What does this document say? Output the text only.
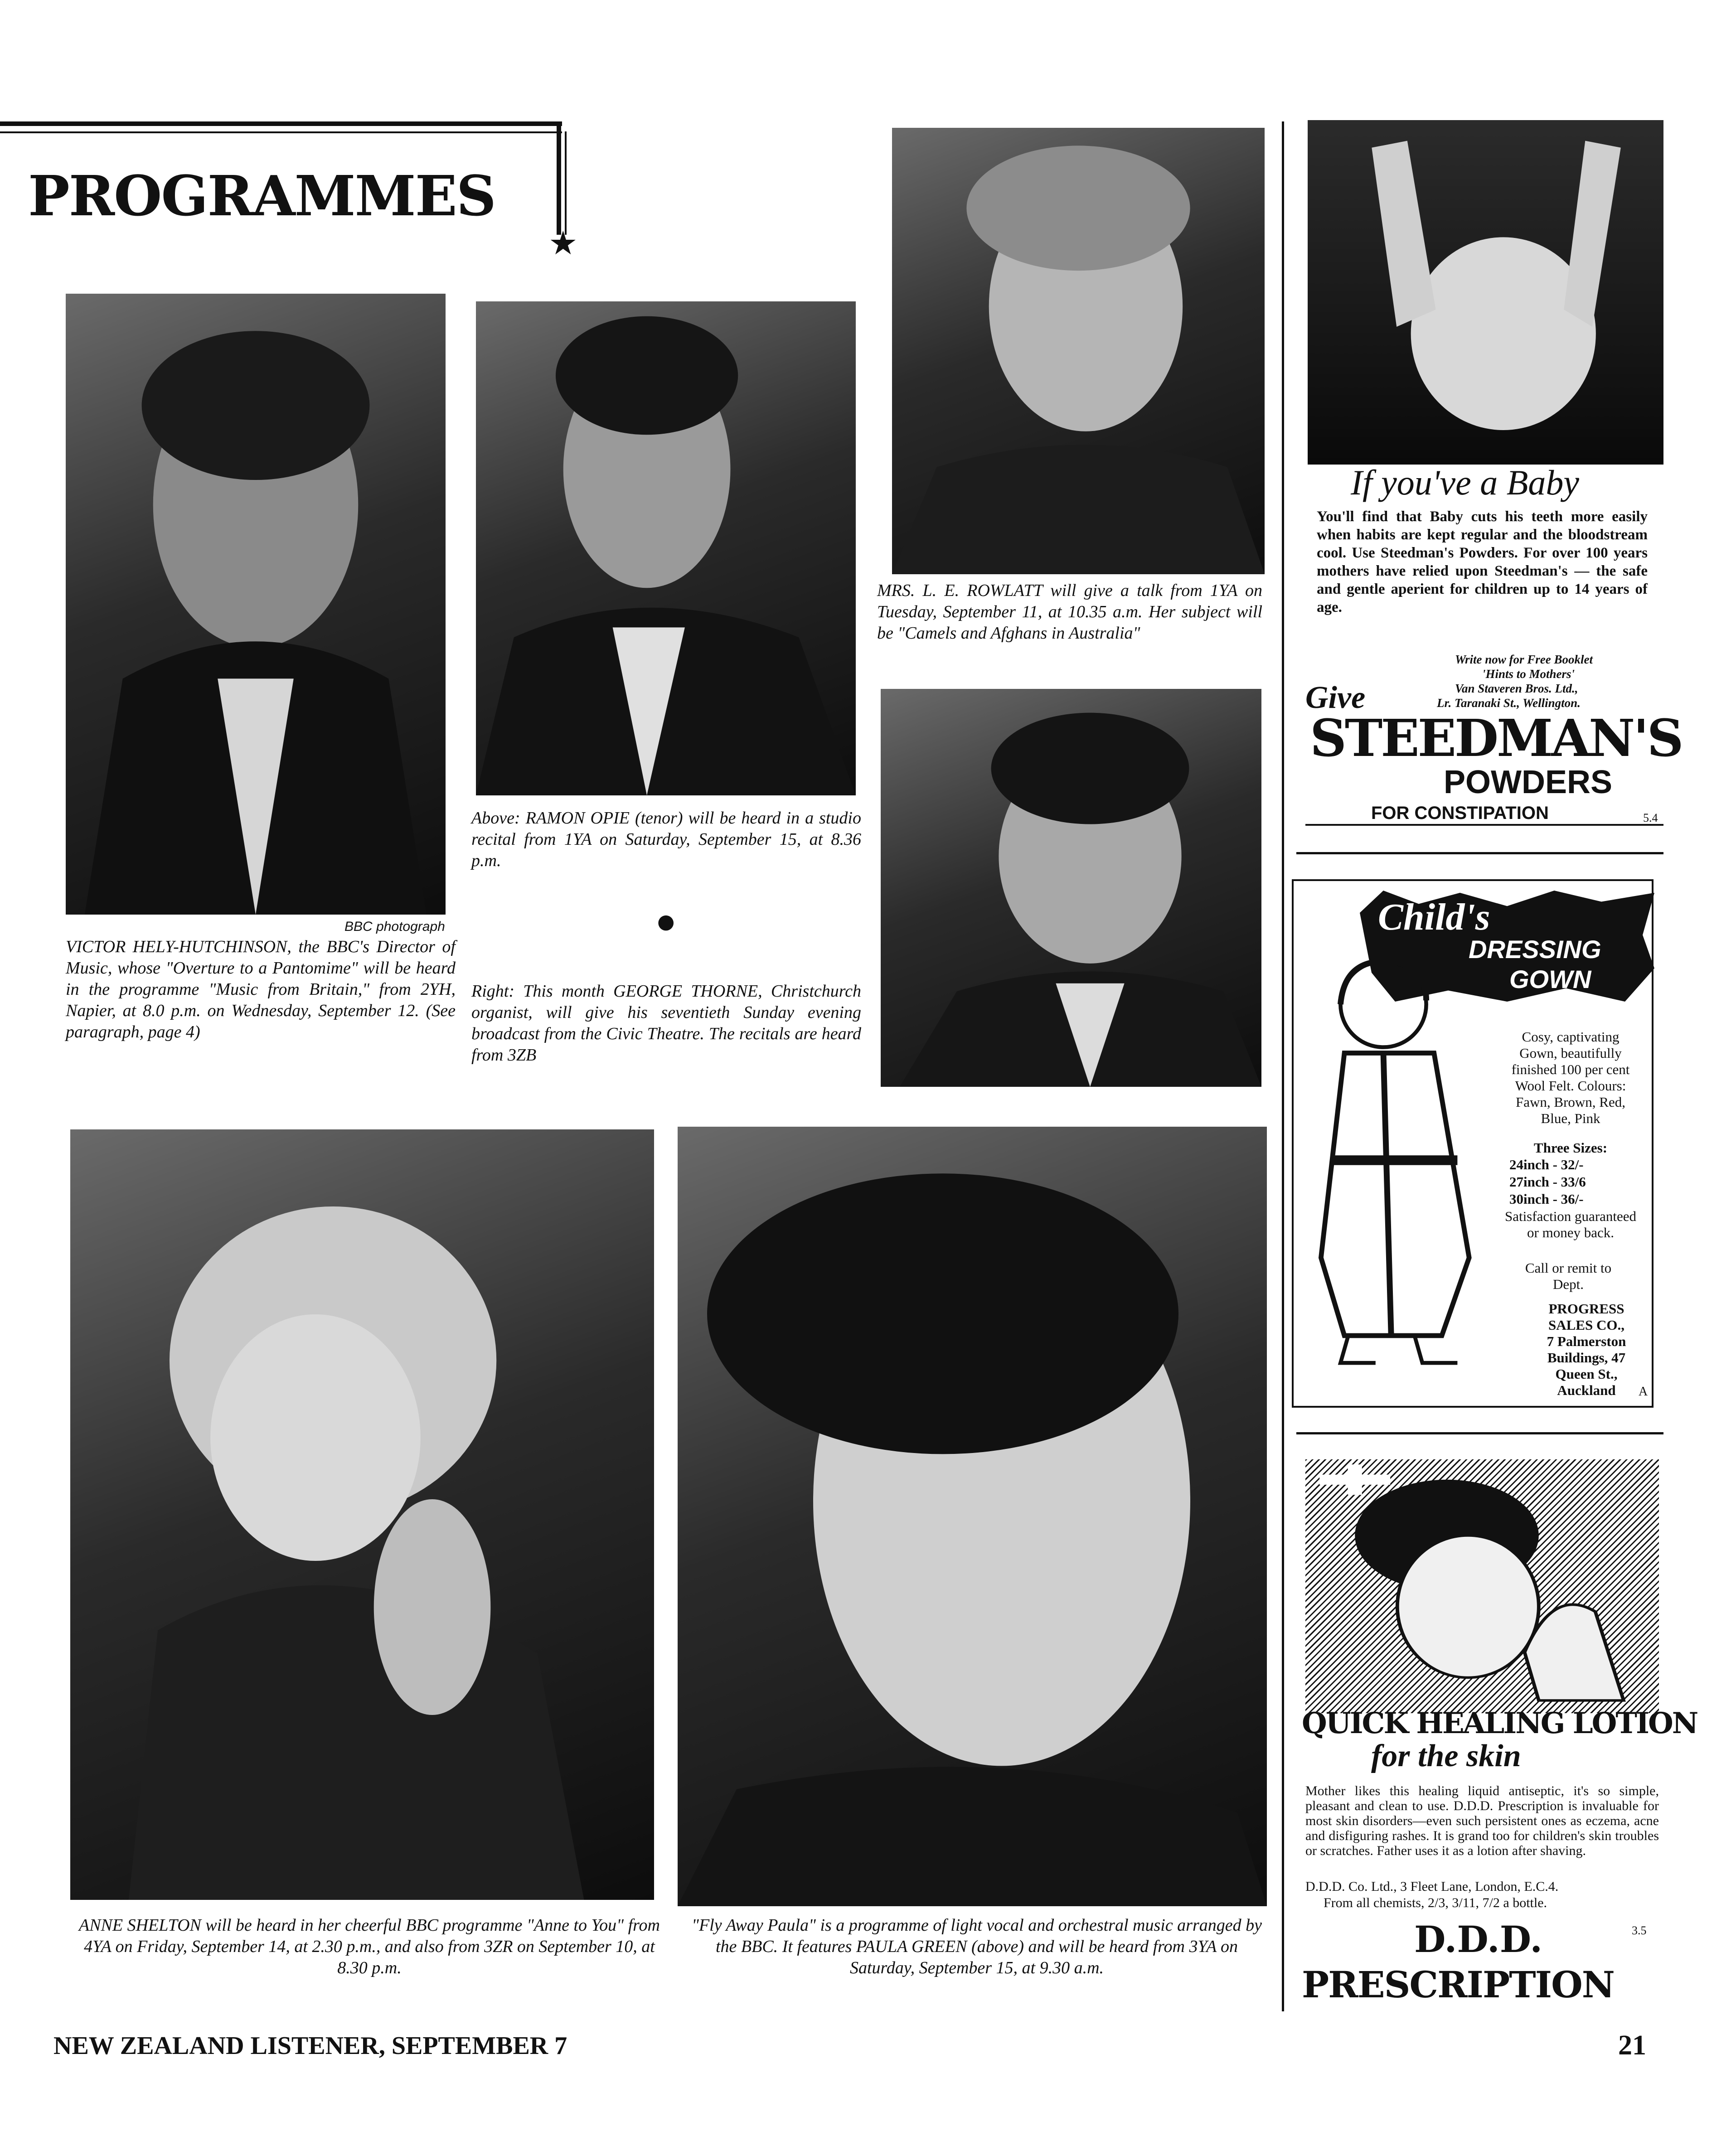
PROGRAMMES
★
BBC photograph
VICTOR HELY-HUTCHINSON, the BBC's Director of Music, whose "Overture to a Pantomime" will be heard in the programme "Music from Britain," from 2YH, Napier, at 8.0 p.m. on Wednesday, September 12. (See paragraph, page 4)
Above: RAMON OPIE (tenor) will be heard in a studio recital from 1YA on Saturday, September 15, at 8.36 p.m.
●
Right: This month GEORGE THORNE, Christchurch organist, will give his seventieth Sunday evening broadcast from the Civic Theatre. The recitals are heard from 3ZB
MRS. L. E. ROWLATT will give a talk from 1YA on Tuesday, September 11, at 10.35 a.m. Her subject will be "Camels and Afghans in Australia"
ANNE SHELTON will be heard in her cheerful BBC programme "Anne to You" from 4YA on Friday, September 14, at 2.30 p.m., and also from 3ZR on September 10, at 8.30 p.m.
"Fly Away Paula" is a programme of light vocal and orchestral music arranged by the BBC. It features PAULA GREEN (above) and will be heard from 3YA on Saturday, September 15, at 9.30 a.m.
If you've a Baby
You'll find that Baby cuts his teeth more easily when habits are kept regular and the bloodstream cool. Use Steedman's Powders. For over 100 years mothers have relied upon Steedman's — the safe and gentle aperient for children up to 14 years of age.
Write now for Free Booklet
'Hints to Mothers'
Van Staveren Bros. Ltd.,
Lr. Taranaki St., Wellington.
Give
STEEDMAN'S
POWDERS
FOR CONSTIPATION	5.4
Child's
DRESSING
GOWN
Cosy, captivating Gown, beautifully finished 100 per cent Wool Felt. Colours: Fawn, Brown, Red, Blue, Pink
Three Sizes:
24inch - 32/-
27inch - 33/6
30inch - 36/-
Satisfaction guaranteed or money back.
Call or remit to Dept.
PROGRESS SALES CO.,
7 Palmerston Buildings, 47 Queen St., Auckland	A
QUICK HEALING LOTION
for the skin
Mother likes this healing liquid antiseptic, it's so simple, pleasant and clean to use. D.D.D. Prescription is invaluable for most skin disorders—even such persistent ones as eczema, acne and disfiguring rashes. It is grand too for children's skin troubles or scratches. Father uses it as a lotion after shaving.
D.D.D. Co. Ltd., 3 Fleet Lane, London, E.C.4.
From all chemists, 2/3, 3/11, 7/2 a bottle.
3.5
D.D.D.
PRESCRIPTION
NEW ZEALAND LISTENER, SEPTEMBER 7	21
